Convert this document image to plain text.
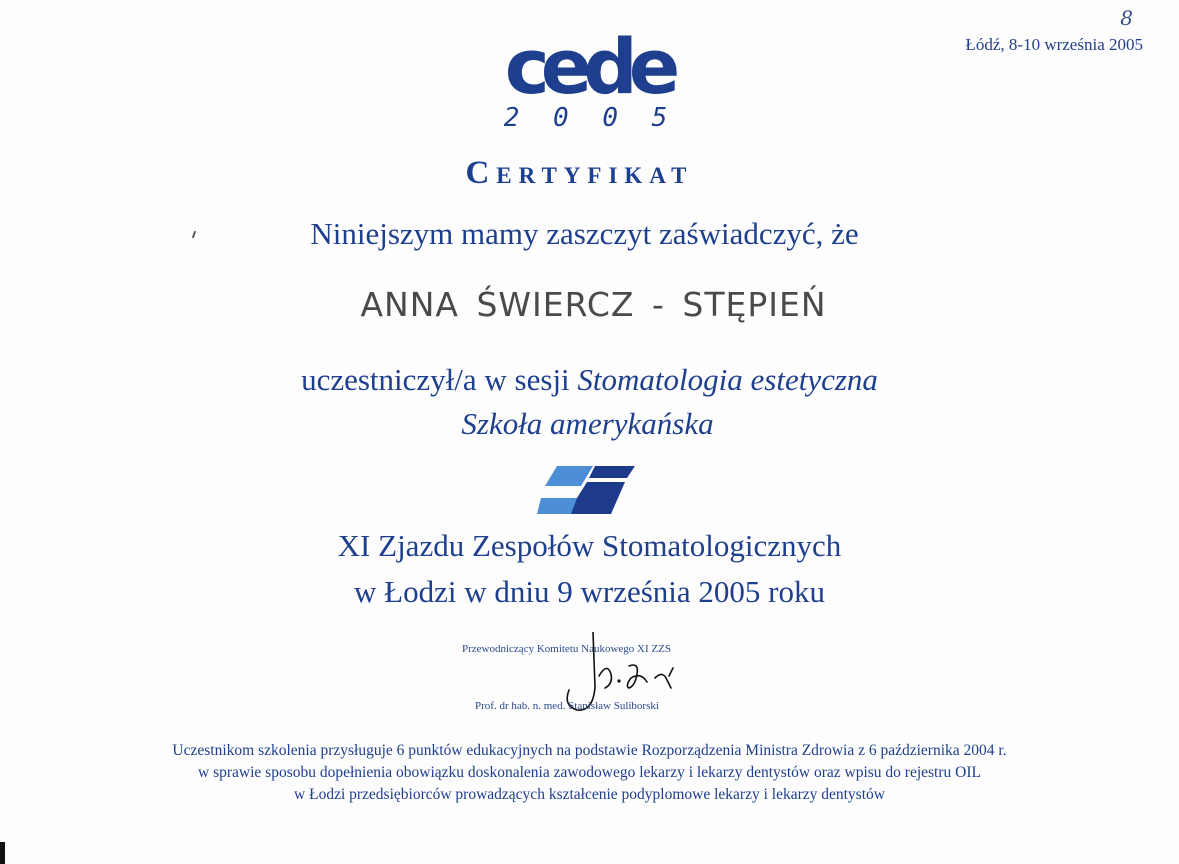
8
Łódź, 8-10 września 2005
cede
2 0 0 5
Certyfikat
Niniejszym mamy zaszczyt zaświadczyć, że
ANNA ŚWIERCZ - STĘPIEŃ
uczestniczył/a w sesji Stomatologia estetyczna
Szkoła amerykańska
XI Zjazdu Zespołów Stomatologicznych
w Łodzi w dniu 9 września 2005 roku
Przewodniczący Komitetu Naukowego XI ZZS
Prof. dr hab. n. med. Stanisław Suliborski
Uczestnikom szkolenia przysługuje 6 punktów edukacyjnych na podstawie Rozporządzenia Ministra Zdrowia z 6 października 2004 r.
w sprawie sposobu dopełnienia obowiązku doskonalenia zawodowego lekarzy i lekarzy dentystów oraz wpisu do rejestru OIL
w Łodzi przedsiębiorców prowadzących kształcenie podyplomowe lekarzy i lekarzy dentystów
